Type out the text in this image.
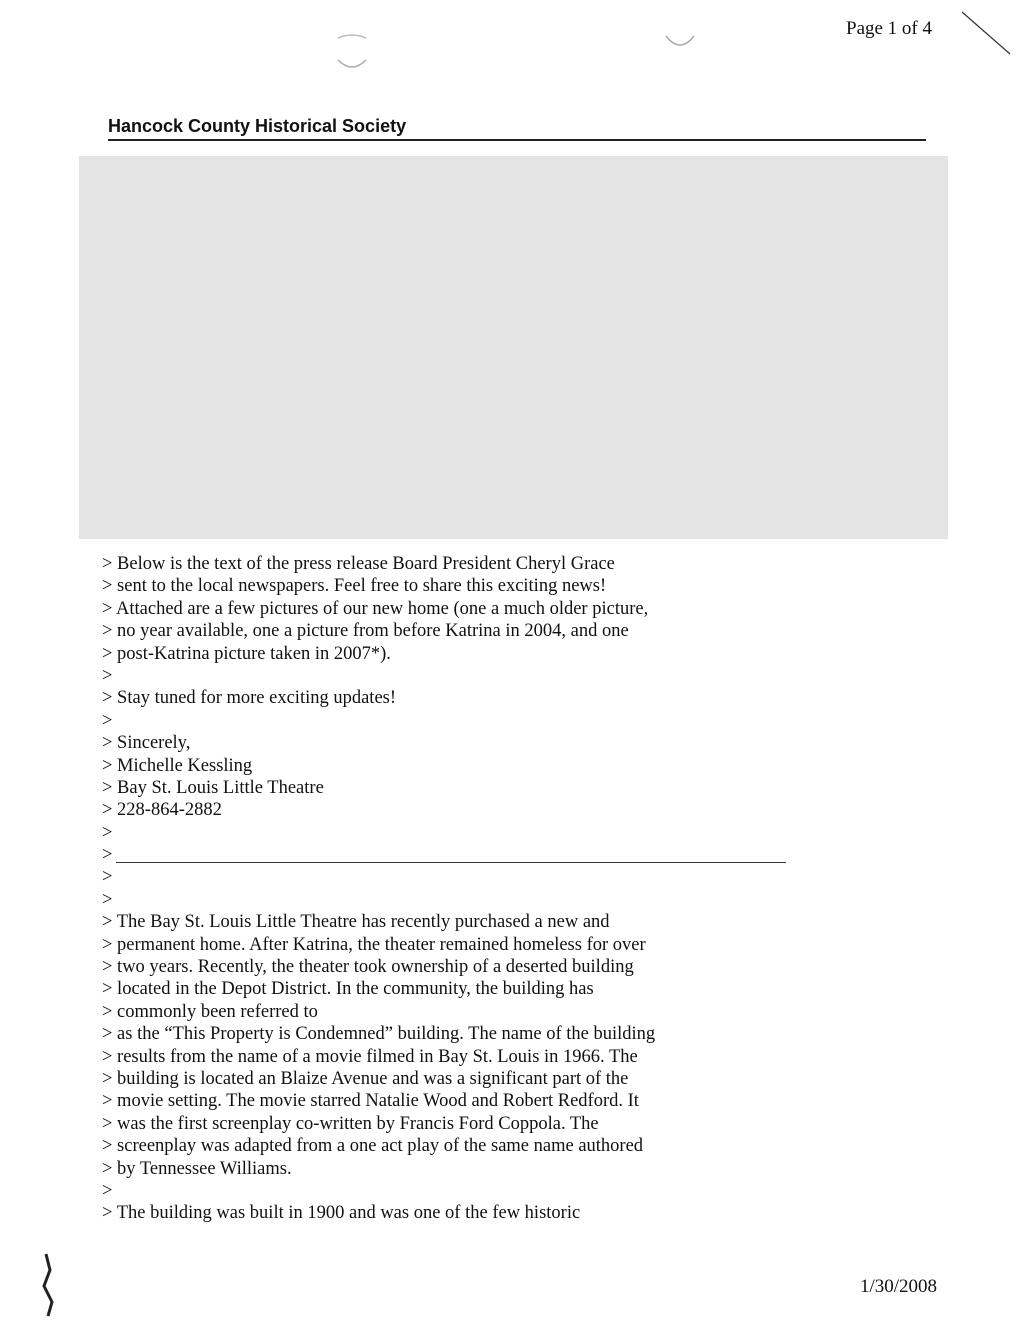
Page 1 of 4
Hancock County Historical Society
> Below is the text of the press release Board President Cheryl Grace
> sent to the local newspapers. Feel free to share this exciting news!
> Attached are a few pictures of our new home (one a much older picture,
> no year available, one a picture from before Katrina in 2004, and one
> post-Katrina picture taken in 2007*).
>
> Stay tuned for more exciting updates!
>
> Sincerely,
> Michelle Kessling
> Bay St. Louis Little Theatre
> 228-864-2882
>
>
>
>
> The Bay St. Louis Little Theatre has recently purchased a new and
> permanent home. After Katrina, the theater remained homeless for over
> two years. Recently, the theater took ownership of a deserted building
> located in the Depot District. In the community, the building has
> commonly been referred to
> as the “This Property is Condemned” building. The name of the building
> results from the name of a movie filmed in Bay St. Louis in 1966. The
> building is located an Blaize Avenue and was a significant part of the
> movie setting. The movie starred Natalie Wood and Robert Redford. It
> was the first screenplay co-written by Francis Ford Coppola. The
> screenplay was adapted from a one act play of the same name authored
> by Tennessee Williams.
>
> The building was built in 1900 and was one of the few historic
1/30/2008
